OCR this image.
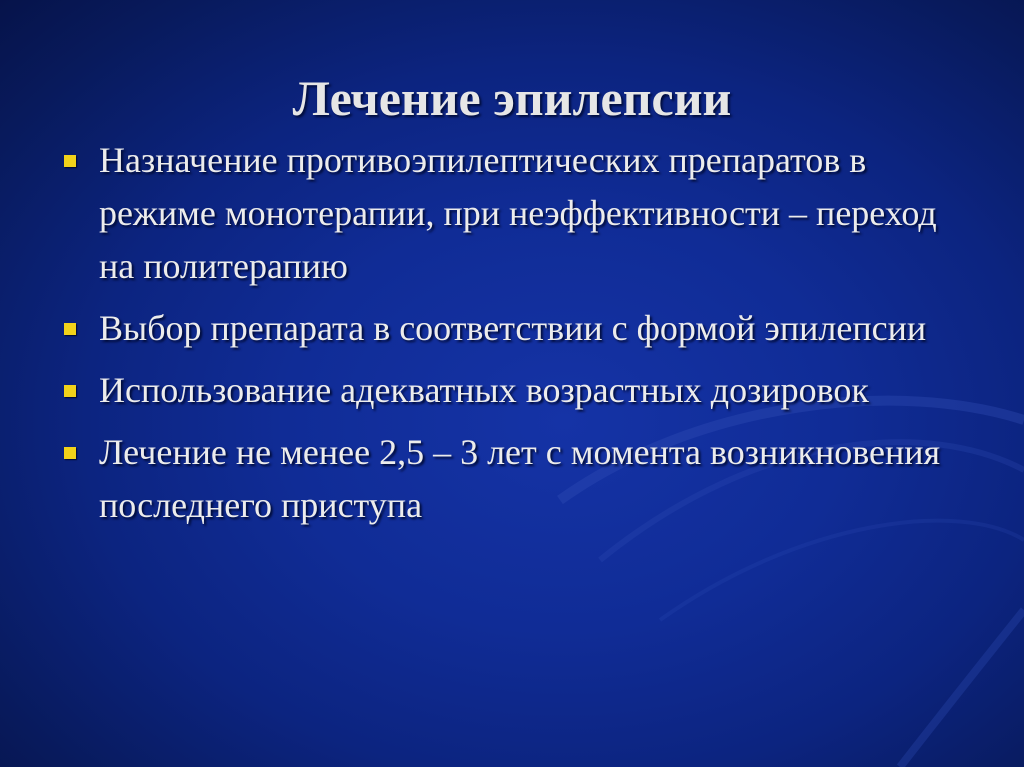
Лечение эпилепсии
Назначение противоэпилептических препаратов в режиме монотерапии, при неэффективности – переход на политерапию
Выбор препарата в соответствии с формой эпилепсии
Использование адекватных возрастных дозировок
Лечение не менее 2,5 – 3 лет с момента возникновения последнего приступа
